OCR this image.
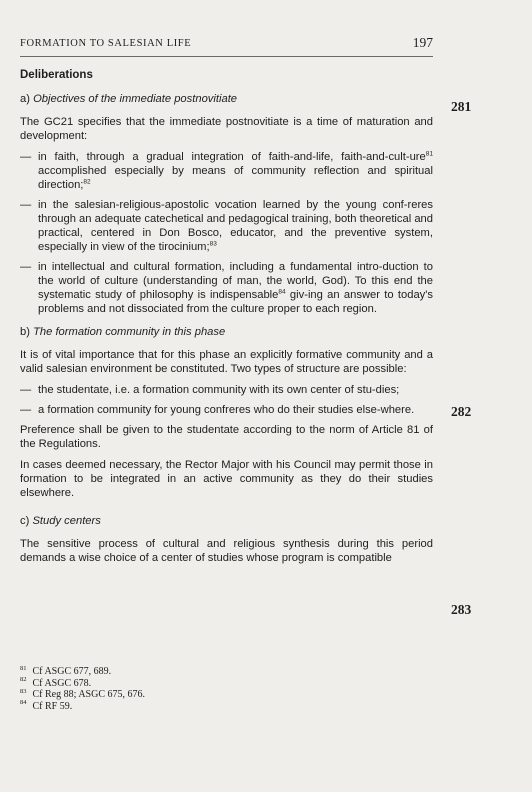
FORMATION TO SALESIAN LIFE	197
281
282
283
Deliberations
a) Objectives of the immediate postnovitiate

The GC21 specifies that the immediate postnovitiate is a time of maturation and development:

— in faith, through a gradual integration of faith-and-life, faith-and-cult-ure$^{81}$ accomplished especially by means of community reflection and spiritual direction;$^{82}$
— in the salesian-religious-apostolic vocation learned by the young conf-reres through an adequate catechetical and pedagogical training, both theoretical and practical, centered in Don Bosco, educator, and the preventive system, especially in view of the tirocinium;$^{83}$
— in intellectual and cultural formation, including a fundamental intro-duction to the world of culture (understanding of man, the world, God). To this end the systematic study of philosophy is indispensable$^{84}$ giv-ing an answer to today's problems and not dissociated from the culture proper to each region.
b) The formation community in this phase

It is of vital importance that for this phase an explicitly formative community and a valid salesian environment be constituted. Two types of structure are possible:

— the studentate, i.e. a formation community with its own center of stu-dies;
— a formation community for young confreres who do their studies else-where.

Preference shall be given to the studentate according to the norm of Article 81 of the Regulations.

In cases deemed necessary, the Rector Major with his Council may permit those in formation to be integrated in an active community as they do their studies elsewhere.

c) Study centers

The sensitive process of cultural and religious synthesis during this period demands a wise choice of a center of studies whose program is compatible

$^{81}$ Cf ASGC 677, 689.
$^{82}$ Cf ASGC 678.
$^{83}$ Cf Reg 88; ASGC 675, 676.
$^{84}$ Cf RF 59.
